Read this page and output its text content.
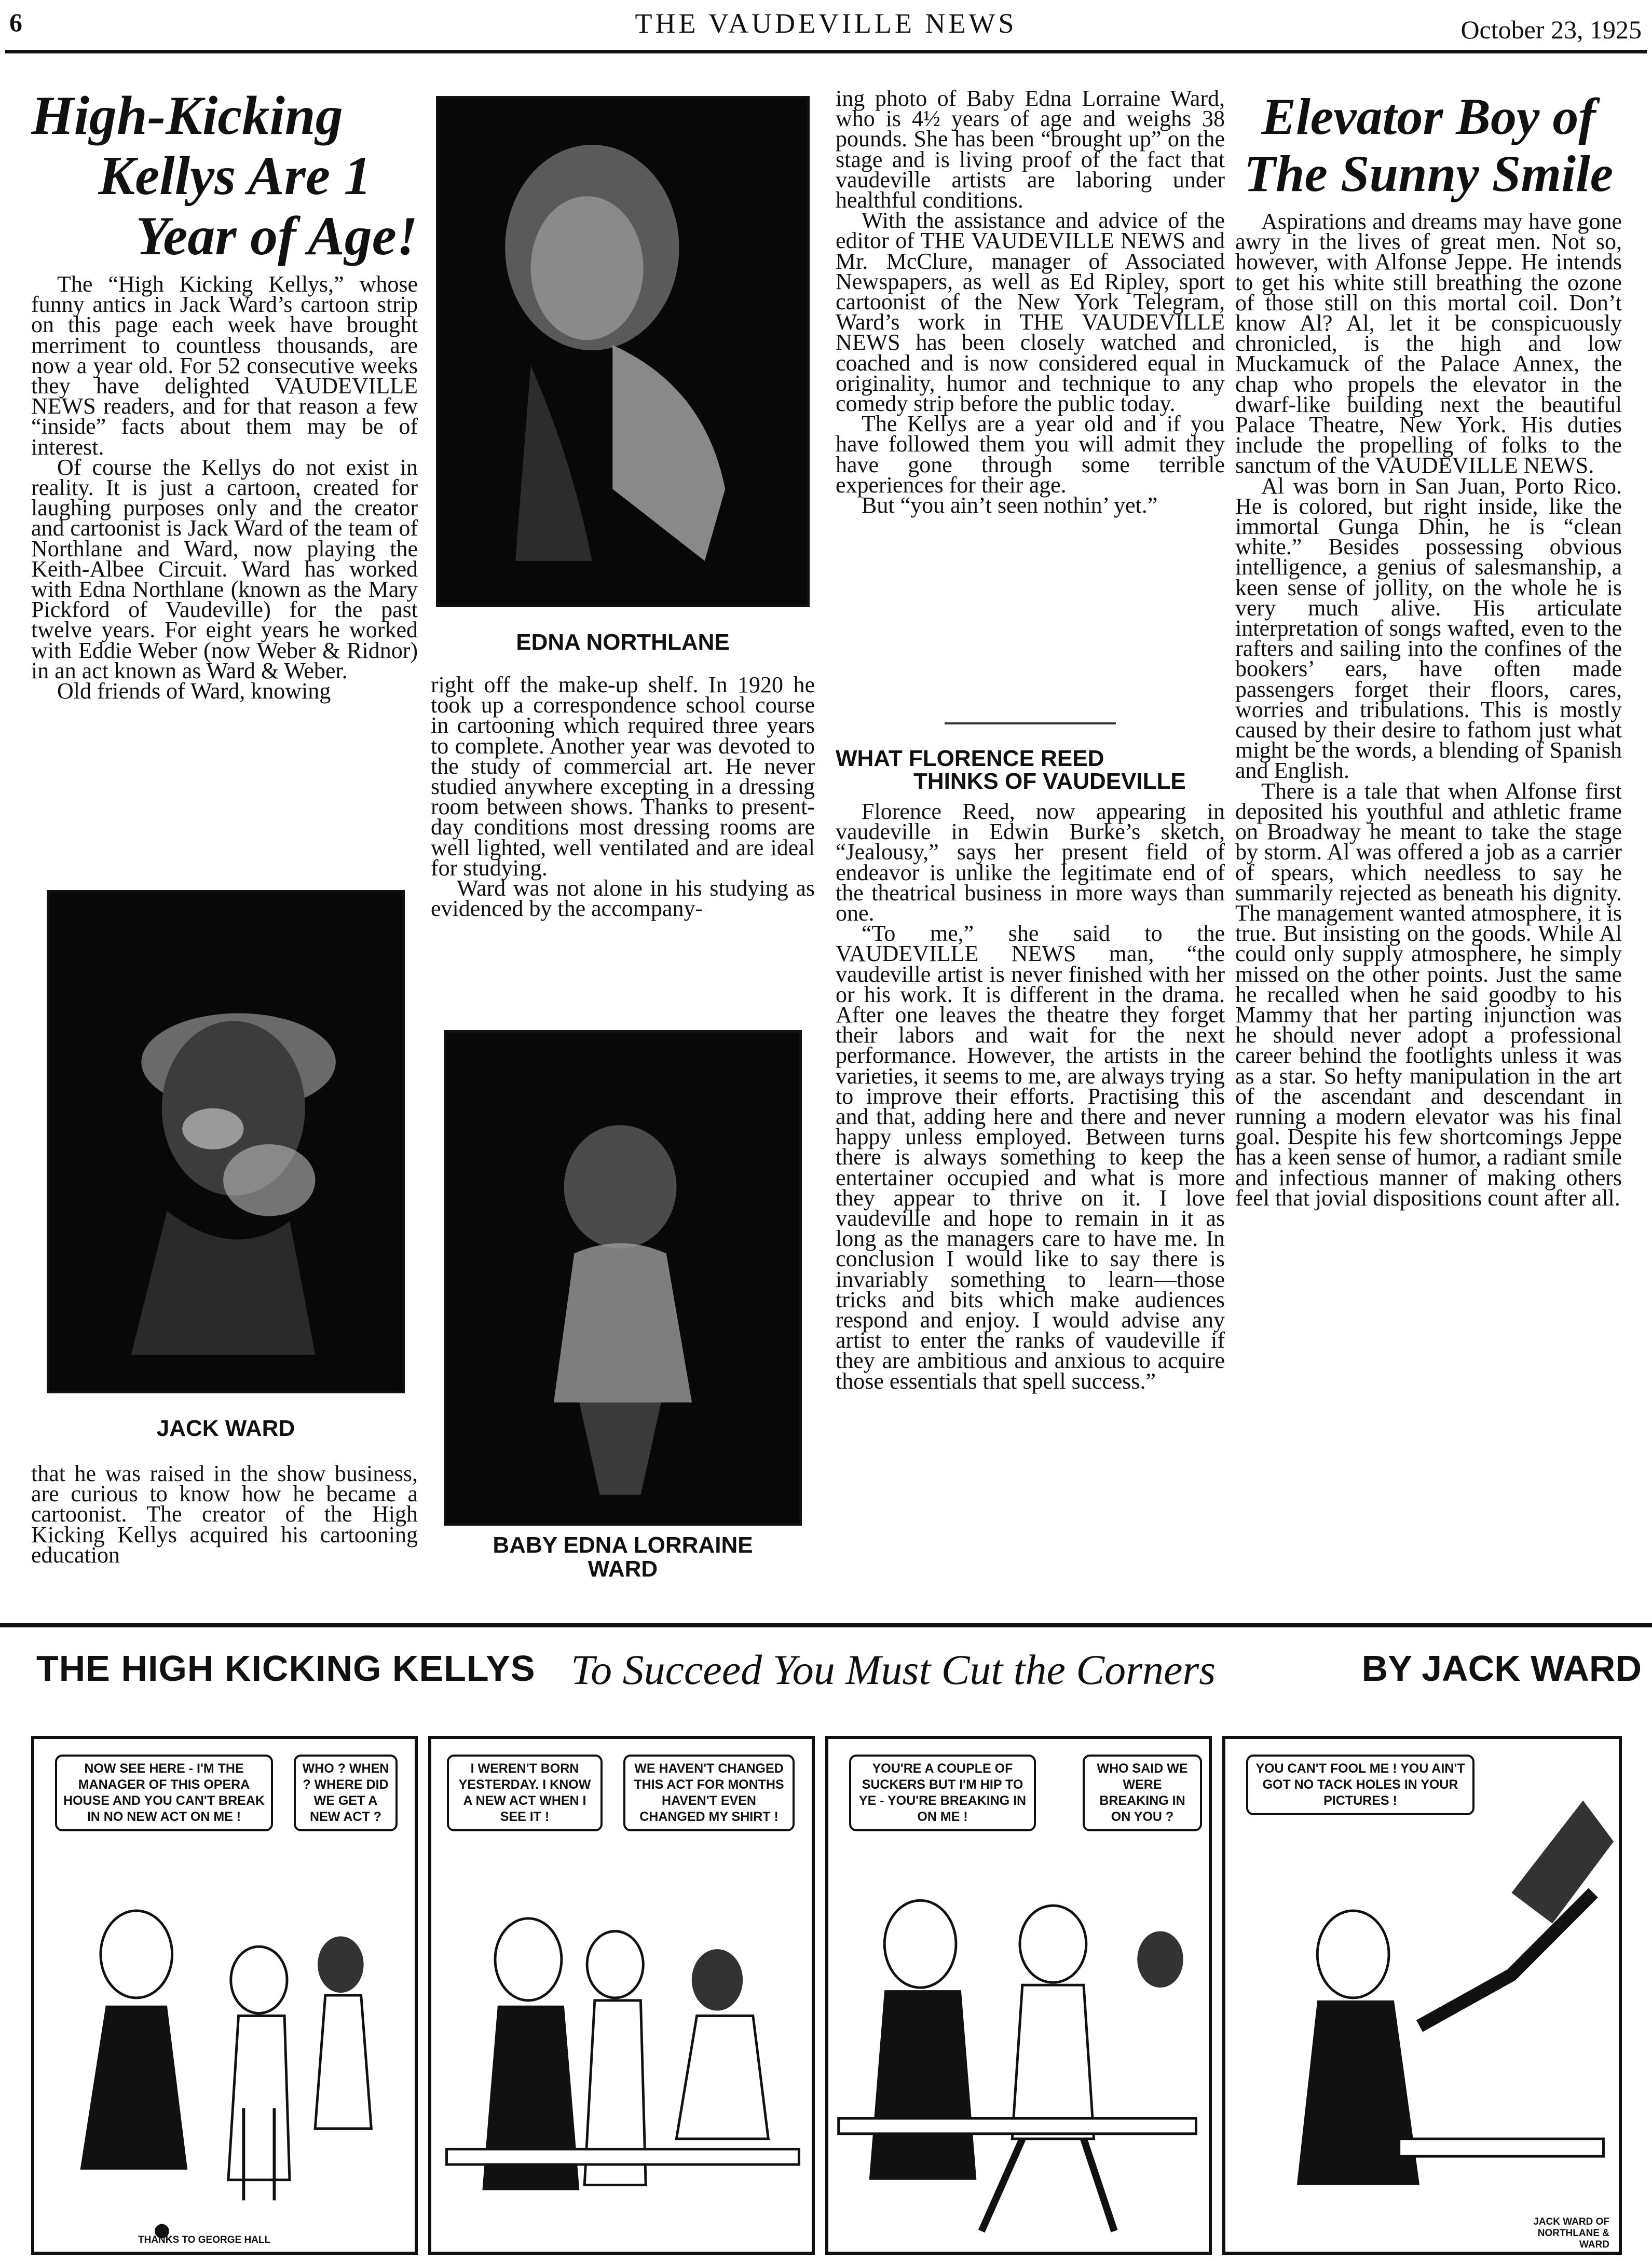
6	THE VAUDEVILLE NEWS	October 23, 1925
High-Kicking
Kellys Are 1
Year of Age!

The “High Kicking Kellys,” whose funny antics in Jack Ward’s cartoon strip on this page each week have brought merriment to countless thousands, are now a year old. For 52 consecutive weeks they have delighted VAUDEVILLE NEWS readers, and for that reason a few “inside” facts about them may be of interest.

Of course the Kellys do not exist in reality. It is just a cartoon, created for laughing purposes only and the creator and cartoonist is Jack Ward of the team of Northlane and Ward, now playing the Keith-Albee Circuit. Ward has worked with Edna Northlane (known as the Mary Pickford of Vaudeville) for the past twelve years. For eight years he worked with Eddie Weber (now Weber & Ridnor) in an act known as Ward & Weber.

Old friends of Ward, knowing

JACK WARD

that he was raised in the show business, are curious to know how he became a cartoonist. The creator of the High Kicking Kellys acquired his cartooning education

EDNA NORTHLANE

right off the make-up shelf. In 1920 he took up a correspondence school course in cartooning which required three years to complete. Another year was devoted to the study of commercial art. He never studied anywhere excepting in a dressing room between shows. Thanks to present-day conditions most dressing rooms are well lighted, well ventilated and are ideal for studying.

Ward was not alone in his studying as evidenced by the accompany-

BABY EDNA LORRAINE
WARD

ing photo of Baby Edna Lorraine Ward, who is 4½ years of age and weighs 38 pounds. She has been “brought up” on the stage and is living proof of the fact that vaudeville artists are laboring under healthful conditions.

With the assistance and advice of the editor of THE VAUDEVILLE NEWS and Mr. McClure, manager of Associated Newspapers, as well as Ed Ripley, sport cartoonist of the New York Telegram, Ward’s work in THE VAUDEVILLE NEWS has been closely watched and coached and is now considered equal in originality, humor and technique to any comedy strip before the public today.

The Kellys are a year old and if you have followed them you will admit they have gone through some terrible experiences for their age.

But “you ain’t seen nothin’ yet.”

WHAT FLORENCE REED
THINKS OF VAUDEVILLE

Florence Reed, now appearing in vaudeville in Edwin Burke’s sketch, “Jealousy,” says her present field of endeavor is unlike the legitimate end of the theatrical business in more ways than one.

“To me,” she said to the VAUDEVILLE NEWS man, “the vaudeville artist is never finished with her or his work. It is different in the drama. After one leaves the theatre they forget their labors and wait for the next performance. However, the artists in the varieties, it seems to me, are always trying to improve their efforts. Practising this and that, adding here and there and never happy unless employed. Between turns there is always something to keep the entertainer occupied and what is more they appear to thrive on it. I love vaudeville and hope to remain in it as long as the managers care to have me. In conclusion I would like to say there is invariably something to learn—those tricks and bits which make audiences respond and enjoy. I would advise any artist to enter the ranks of vaudeville if they are ambitious and anxious to acquire those essentials that spell success.”

Elevator Boy of
The Sunny Smile

Aspirations and dreams may have gone awry in the lives of great men. Not so, however, with Alfonse Jeppe. He intends to get his white still breathing the ozone of those still on this mortal coil. Don’t know Al? Al, let it be conspicuously chronicled, is the high and low Muckamuck of the Palace Annex, the chap who propels the elevator in the dwarf-like building next the beautiful Palace Theatre, New York. His duties include the propelling of folks to the sanctum of the VAUDEVILLE NEWS.

Al was born in San Juan, Porto Rico. He is colored, but right inside, like the immortal Gunga Dhin, he is “clean white.” Besides possessing obvious intelligence, a genius of salesmanship, a keen sense of jollity, on the whole he is very much alive. His articulate interpretation of songs wafted, even to the rafters and sailing into the confines of the bookers’ ears, have often made passengers forget their floors, cares, worries and tribulations. This is mostly caused by their desire to fathom just what might be the words, a blending of Spanish and English.

There is a tale that when Alfonse first deposited his youthful and athletic frame on Broadway he meant to take the stage by storm. Al was offered a job as a carrier of spears, which needless to say he summarily rejected as beneath his dignity. The management wanted atmosphere, it is true. But insisting on the goods. While Al could only supply atmosphere, he simply missed on the other points. Just the same he recalled when he said goodby to his Mammy that her parting injunction was he should never adopt a professional career behind the footlights unless it was as a star. So hefty manipulation in the art of the ascendant and descendant in running a modern elevator was his final goal. Despite his few shortcomings Jeppe has a keen sense of humor, a radiant smile and infectious manner of making others feel that jovial dispositions count after all.

THE HIGH KICKING KELLYS To Succeed You Must Cut the Corners	BY JACK WARD
NOW SEE HERE - I'M THE MANAGER OF THIS OPERA HOUSE AND YOU CAN'T BREAK IN NO NEW ACT ON ME !
WHO ? WHEN ? WHERE DID WE GET A NEW ACT ?
THANKS TO GEORGE HALL
I WEREN'T BORN YESTERDAY. I KNOW A NEW ACT WHEN I SEE IT !
WE HAVEN'T CHANGED THIS ACT FOR MONTHS HAVEN'T EVEN CHANGED MY SHIRT !
YOU'RE A COUPLE OF SUCKERS BUT I'M HIP TO YE - YOU'RE BREAKING IN ON ME !
WHO SAID WE WERE BREAKING IN ON YOU ?
YOU CAN'T FOOL ME ! YOU AIN'T GOT NO TACK HOLES IN YOUR PICTURES !
JACK WARD OF NORTHLANE & WARD
